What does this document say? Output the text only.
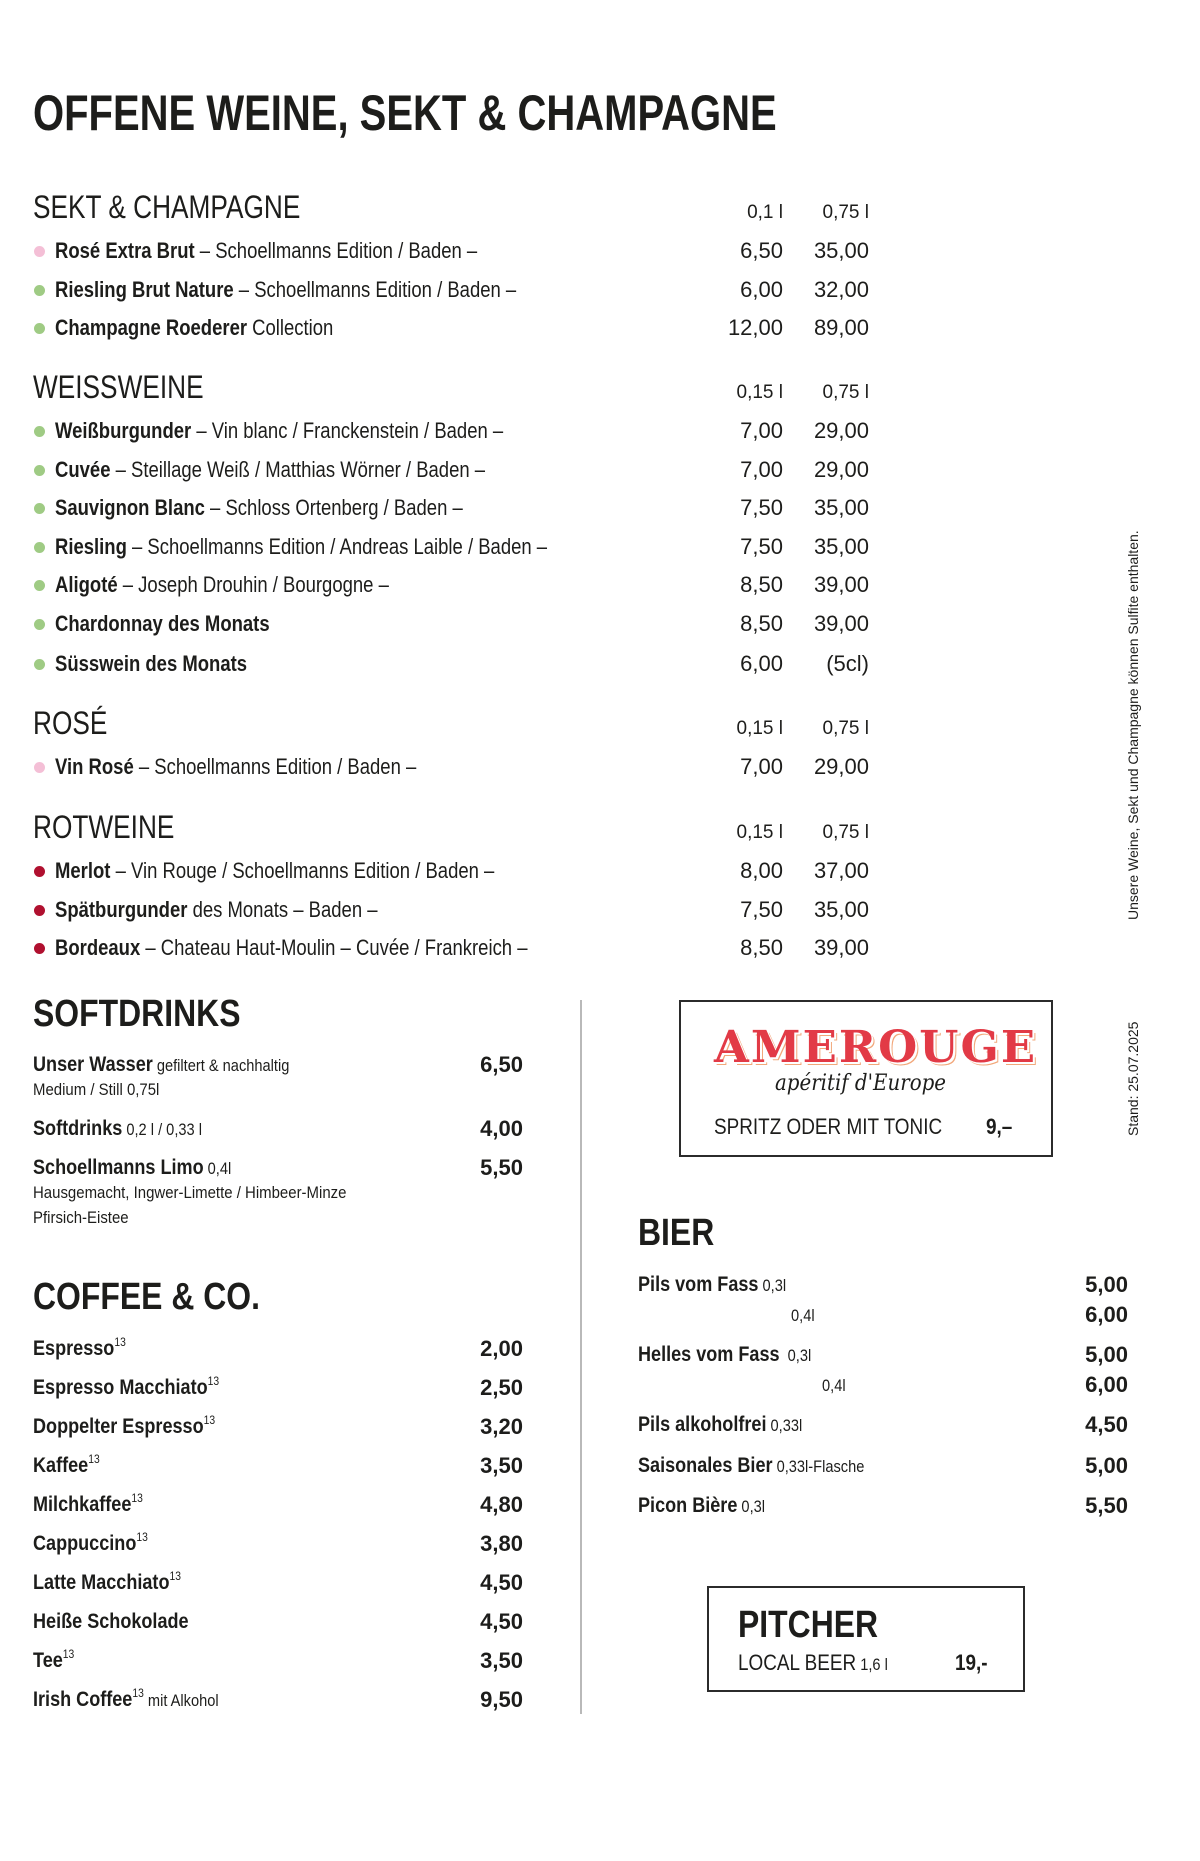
OFFENE WEINE, SEKT & CHAMPAGNE
SEKT & CHAMPAGNE	0,1 l	0,75 l
Rosé Extra Brut – Schoellmanns Edition / Baden –	6,50	35,00
Riesling Brut Nature – Schoellmanns Edition / Baden –	6,00	32,00
Champagne Roederer Collection	12,00	89,00
WEISSWEINE	0,15 l	0,75 l
Weißburgunder – Vin blanc / Franckenstein / Baden –	7,00	29,00
Cuvée – Steillage Weiß / Matthias Wörner / Baden –	7,00	29,00
Sauvignon Blanc – Schloss Ortenberg / Baden –	7,50	35,00
Riesling – Schoellmanns Edition / Andreas Laible / Baden –	7,50	35,00
Aligoté – Joseph Drouhin / Bourgogne –	8,50	39,00
Chardonnay des Monats	8,50	39,00
Süsswein des Monats	6,00	(5cl)
ROSÉ	0,15 l	0,75 l
Vin Rosé – Schoellmanns Edition / Baden –	7,00	29,00
ROTWEINE	0,15 l	0,75 l
Merlot – Vin Rouge / Schoellmanns Edition / Baden –	8,00	37,00
Spätburgunder des Monats – Baden –	7,50	35,00
Bordeaux – Chateau Haut-Moulin – Cuvée / Frankreich –	8,50	39,00
Unsere Weine, Sekt und Champagne können Sulfite enthalten.
Stand: 25.07.2025
SOFTDRINKS
Unser Wasser gefiltert & nachhaltig
Medium / Still 0,75l
6,50
Softdrinks 0,2 l / 0,33 l	4,00
Schoellmanns Limo 0,4l
Hausgemacht, Ingwer-Limette / Himbeer-Minze
Pfirsich-Eistee
5,50
COFFEE & CO.
Espresso$^{13}$	2,00
Espresso Macchiato$^{13}$	2,50
Doppelter Espresso$^{13}$	3,20
Kaffee$^{13}$	3,50
Milchkaffee$^{13}$	4,80
Cappuccino$^{13}$	3,80
Latte Macchiato$^{13}$	4,50
Heiße Schokolade	4,50
Tee$^{13}$	3,50
Irish Coffee$^{13}$ mit Alkohol	9,50
AMEROUGE
apéritif d'Europe
SPRITZ ODER MIT TONIC	9,–
BIER
Pils vom Fass 0,3l	5,00
0,4l	6,00
Helles vom Fass  0,3l	5,00
0,4l	6,00
Pils alkoholfrei 0,33l	4,50
Saisonales Bier 0,33l-Flasche	5,00
Picon Bière 0,3l	5,50
PITCHER
LOCAL BEER 1,6 l	19,-
